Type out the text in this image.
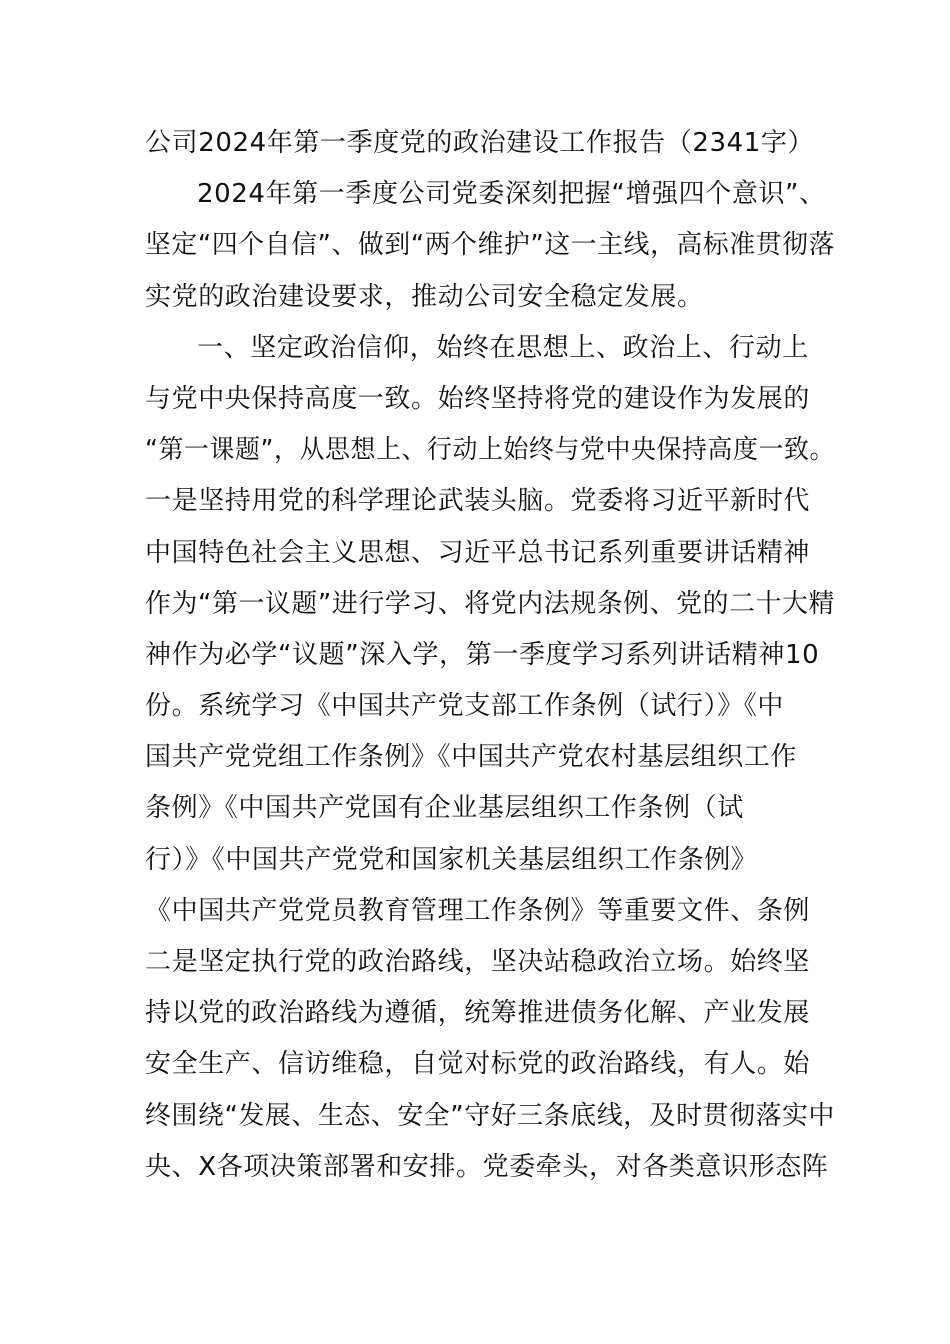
公司2024年第一季度党的政治建设工作报告（2341字）
2024年第一季度公司党委深刻把握“增强四个意识”、
坚定“四个自信”、做到“两个维护”这一主线，高标准贯彻落
实党的政治建设要求，推动公司安全稳定发展。
一、坚定政治信仰，始终在思想上、政治上、行动上
与党中央保持高度一致。始终坚持将党的建设作为发展的
“第一课题”，从思想上、行动上始终与党中央保持高度一致。
一是坚持用党的科学理论武装头脑。党委将习近平新时代
中国特色社会主义思想、习近平总书记系列重要讲话精神
作为“第一议题”进行学习、将党内法规条例、党的二十大精
神作为必学“议题”深入学，第一季度学习系列讲话精神10
份。系统学习《中国共产党支部工作条例（试行）》《中
国共产党党组工作条例》《中国共产党农村基层组织工作
条例》《中国共产党国有企业基层组织工作条例（试
行）》《中国共产党党和国家机关基层组织工作条例》
《中国共产党党员教育管理工作条例》等重要文件、条例
二是坚定执行党的政治路线，坚决站稳政治立场。始终坚
持以党的政治路线为遵循，统筹推进债务化解、产业发展
安全生产、信访维稳，自觉对标党的政治路线，有人。始
终围绕“发展、生态、安全”守好三条底线，及时贯彻落实中
央、X各项决策部署和安排。党委牵头，对各类意识形态阵
